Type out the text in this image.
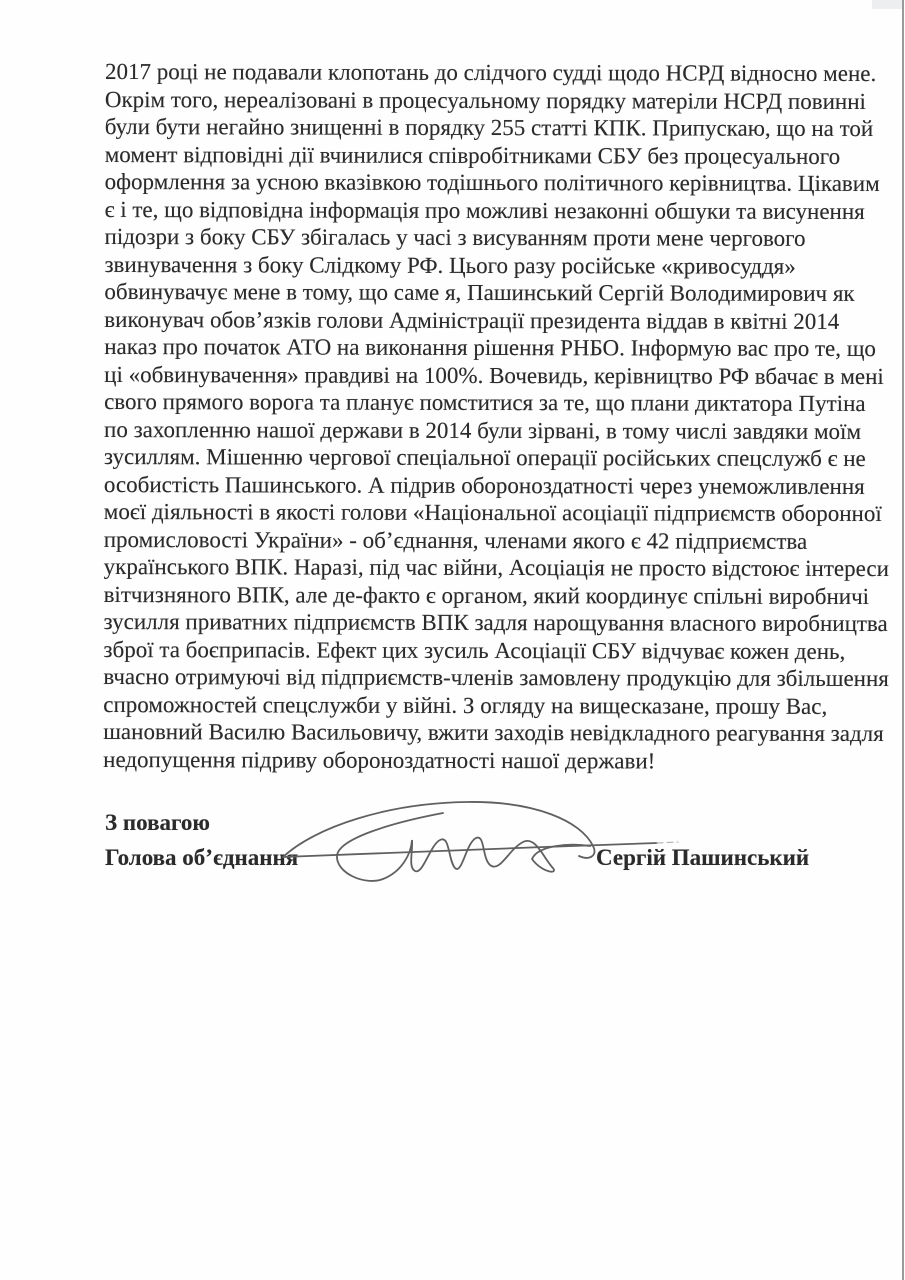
2017 році не подавали клопотань до слідчого судді щодо НСРД відносно мене.
Окрім того, нереалізовані в процесуальному порядку матеріли НСРД повинні
були бути негайно знищенні в порядку 255 статті КПК. Припускаю, що на той
момент відповідні дії вчинилися співробітниками СБУ без процесуального
оформлення за усною вказівкою тодішнього політичного керівництва. Цікавим
є і те, що відповідна інформація про можливі незаконні обшуки та висунення
підозри з боку СБУ збігалась у часі з висуванням проти мене чергового
звинувачення з боку Слідкому РФ. Цього разу російське «кривосуддя»
обвинувачує мене в тому, що саме я, Пашинський Сергій Володимирович як
виконувач обов’язків голови Адміністрації президента віддав в квітні 2014
наказ про початок АТО на виконання рішення РНБО. Інформую вас про те, що
ці «обвинувачення» правдиві на 100%. Вочевидь, керівництво РФ вбачає в мені
свого прямого ворога та планує помститися за те, що плани диктатора Путіна
по захопленню нашої держави в 2014 були зірвані, в тому числі завдяки моїм
зусиллям. Мішенню чергової спеціальної операції російських спецслужб є не
особистість Пашинського. А підрив обороноздатності через унеможливлення
моєї діяльності в якості голови «Національної асоціації підприємств оборонної
промисловості України» - об’єднання, членами якого є 42 підприємства
українського ВПК. Наразі, під час війни, Асоціація не просто відстоює інтереси
вітчизняного ВПК, але де-факто є органом, який координує спільні виробничі
зусилля приватних підприємств ВПК задля нарощування власного виробництва
зброї та боєприпасів. Ефект цих зусиль Асоціації СБУ відчуває кожен день,
вчасно отримуючі від підприємств-членів замовлену продукцію для збільшення
спроможностей спецслужби у війні. З огляду на вищесказане, прошу Вас,
шановний Василю Васильовичу, вжити заходів невідкладного реагування задля
недопущення підриву обороноздатності нашої держави!
З повагою
Голова об’єднання	Сергій Пашинський
